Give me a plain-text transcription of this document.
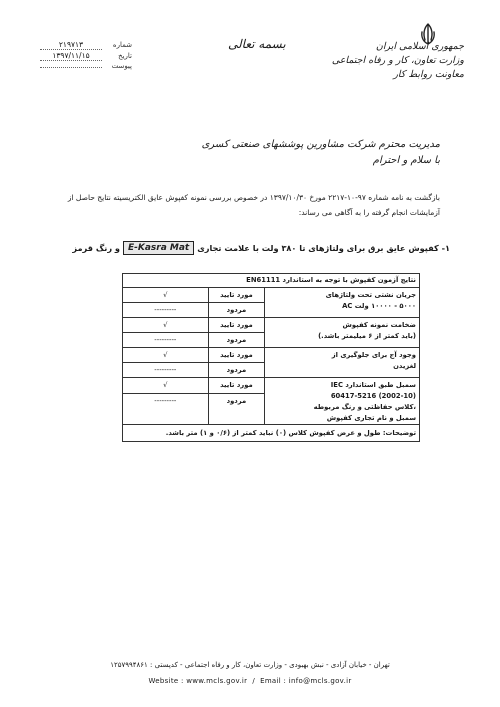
جمهوری اسلامی ایران
وزارت تعاون، کار و رفاه اجتماعی
معاونت روابط کار
بسمه تعالی
شماره
۲۱۹۷۱۳
تاریخ
۱۳۹۷/۱۱/۱۵
پیوست
مدیریت محترم شرکت مشاورین پوششهای صنعتی کسری
با سلام و احترام
بازگشت به نامه شماره ۹۷-۱۰-۲۲۱۷ مورخ ۱۳۹۷/۱۰/۳۰ در خصوص بررسی نمونه کفپوش عایق الکتریسیته نتایج حاصل از آزمایشات انجام گرفته را به آگاهی می رساند:
۱- کفپوش عایق برق برای ولتاژهای تا ۳۸۰ ولت با علامت تجاری
E-Kasra Mat
و رنگ قرمز
نتایج آزمون کفپوش با توجه به استاندارد EN61111		

جریان نشتی تحت ولتاژهای
۵۰۰۰ - ۱۰۰۰۰ ولت AC	مورد تایید	√
	مردود	---------

ضخامت نمونه کفپوش
(باید کمتر از ۶ میلیمتر باشد.)	مورد تایید	√
	مردود	---------

وجود آج برای جلوگیری از
لغزیدن	مورد تایید	√
	مردود	---------

سمبل طبق استاندارد IEC
60417-5216 (2002-10)
،کلاس حفاظتی و رنگ مربوطه
سمبل و نام تجاری کفپوش	مورد تایید	√
	مردود	---------
توضیحات: طول و عرض کفپوش کلاس (۰) نباید کمتر از (۰/۶ و ۱) متر باشد.		
تهران - خیابان آزادی - نبش بهبودی - وزارت تعاون، کار و رفاه اجتماعی - کدپستی : ۱۲۵۷۹۹۴۸۶۱
Website : www.mcls.gov.ir  /  Email : info@mcls.gov.ir
